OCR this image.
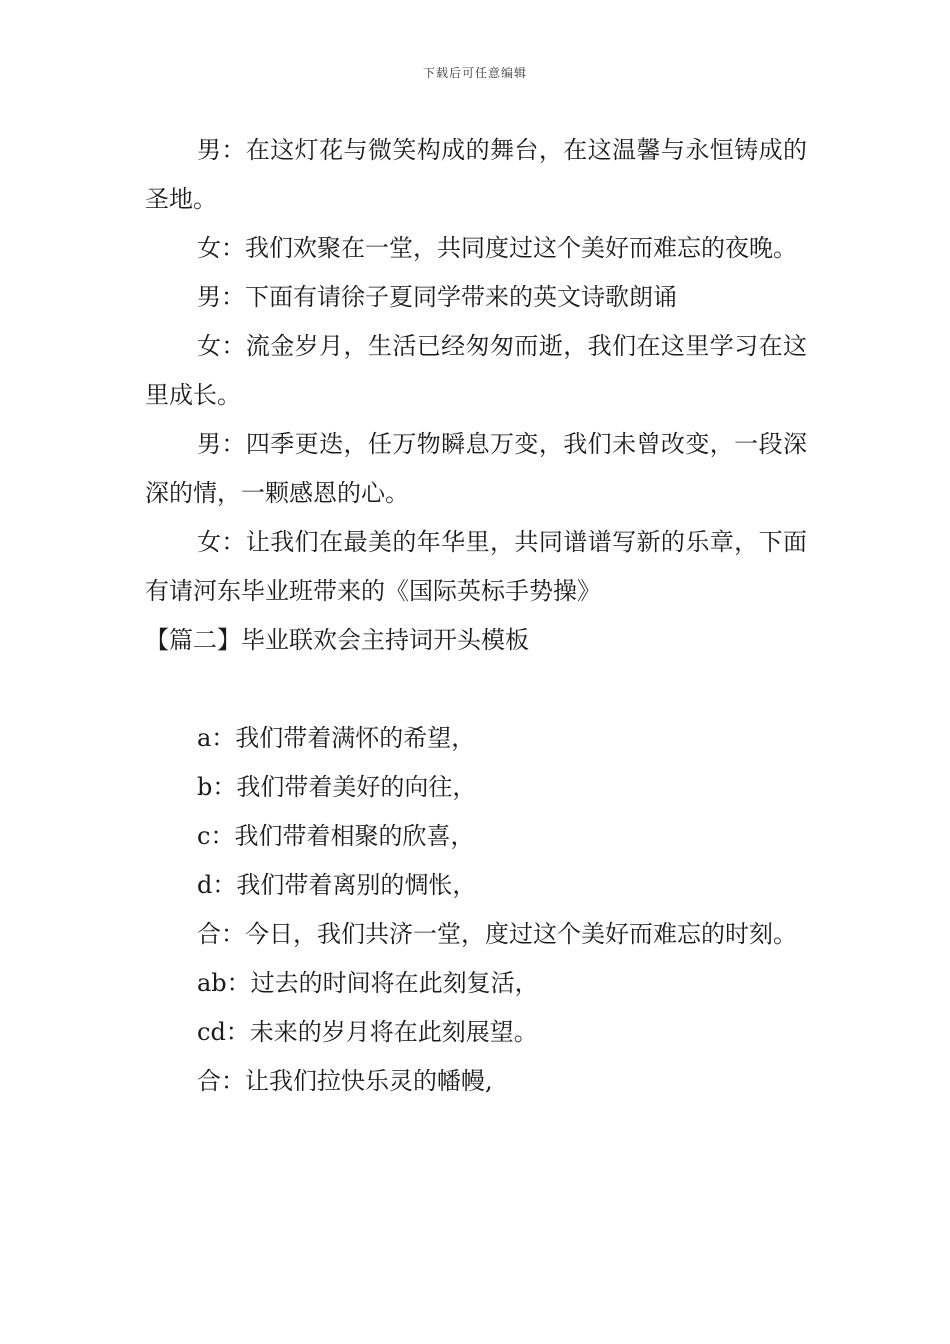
下载后可任意编辑

男：在这灯花与微笑构成的舞台，在这温馨与永恒铸成的圣地。

女：我们欢聚在一堂，共同度过这个美好而难忘的夜晚。

男：下面有请徐子夏同学带来的英文诗歌朗诵

女：流金岁月，生活已经匆匆而逝，我们在这里学习在这里成长。

男：四季更迭，任万物瞬息万变，我们未曾改变，一段深深的情，一颗感恩的心。

女：让我们在最美的年华里，共同谱谱写新的乐章，下面有请河东毕业班带来的《国际英标手势操》

【篇二】毕业联欢会主持词开头模板

a：我们带着满怀的希望，

b：我们带着美好的向往，

c：我们带着相聚的欣喜，

d：我们带着离别的惆怅，

合：今日，我们共济一堂，度过这个美好而难忘的时刻。

ab：过去的时间将在此刻复活，

cd：未来的岁月将在此刻展望。

合：让我们拉快乐灵的幡幔,
